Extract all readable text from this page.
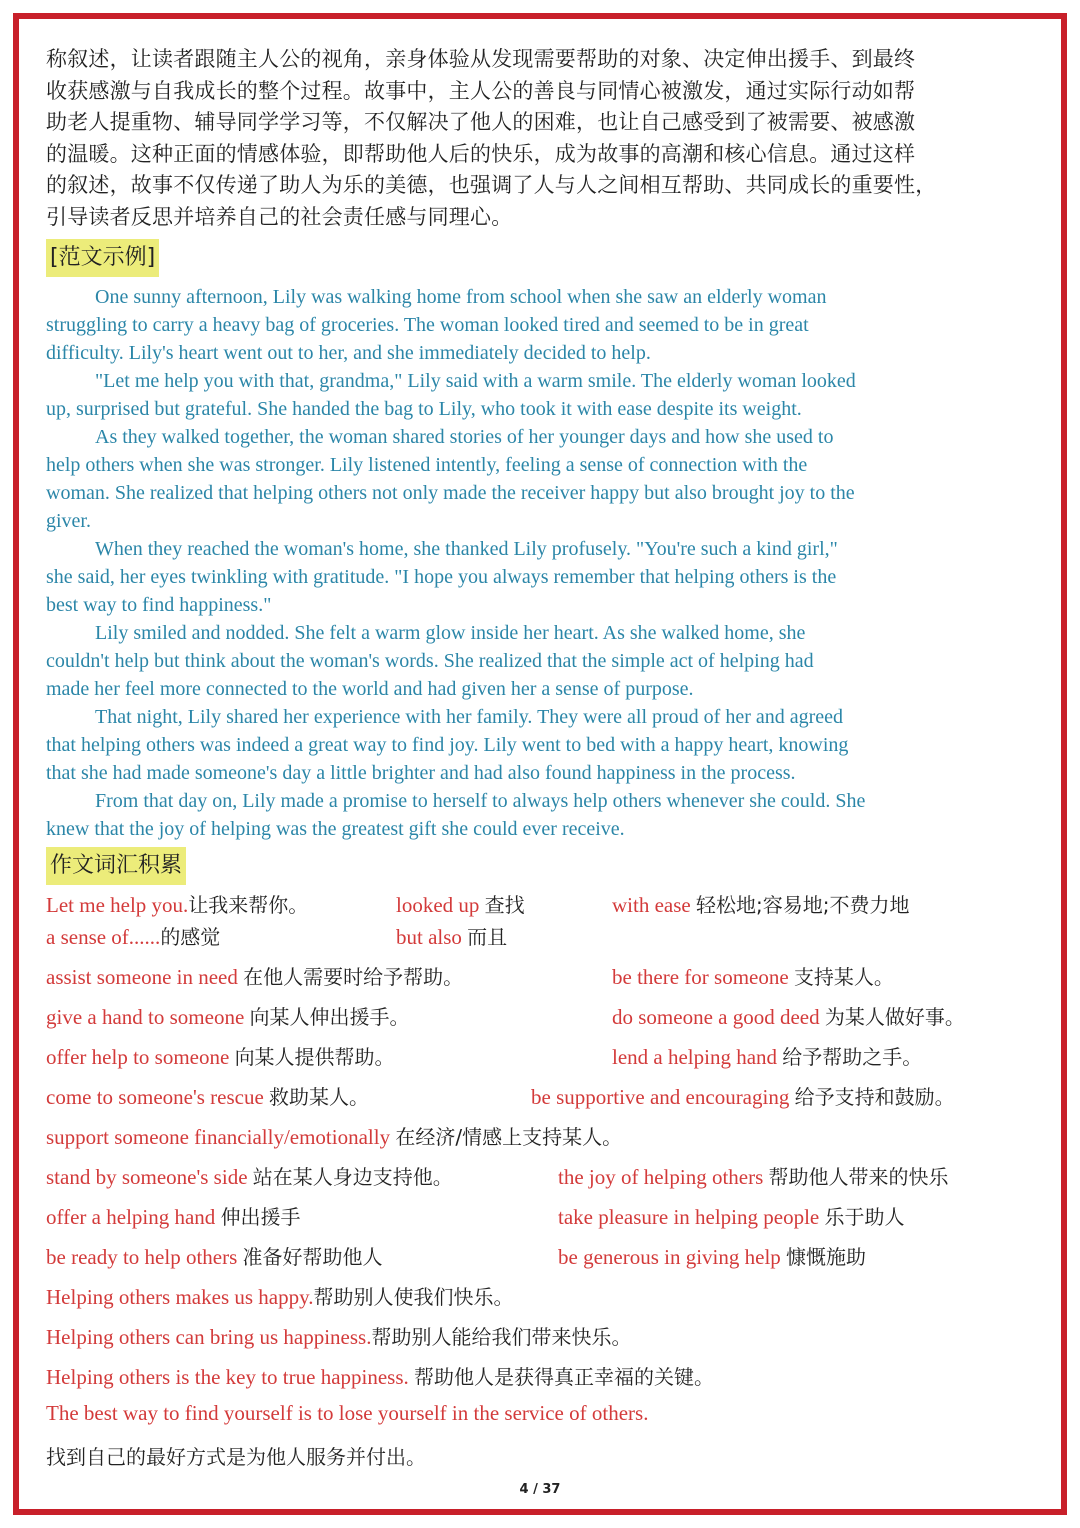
称叙述，让读者跟随主人公的视角，亲身体验从发现需要帮助的对象、决定伸出援手、到最终

收获感激与自我成长的整个过程。故事中，主人公的善良与同情心被激发，通过实际行动如帮

助老人提重物、辅导同学学习等，不仅解决了他人的困难，也让自己感受到了被需要、被感激

的温暖。这种正面的情感体验，即帮助他人后的快乐，成为故事的高潮和核心信息。通过这样

的叙述，故事不仅传递了助人为乐的美德，也强调了人与人之间相互帮助、共同成长的重要性，

引导读者反思并培养自己的社会责任感与同理心。

[范文示例]

One sunny afternoon, Lily was walking home from school when she saw an elderly woman
struggling to carry a heavy bag of groceries. The woman looked tired and seemed to be in great
difficulty. Lily's heart went out to her, and she immediately decided to help.

"Let me help you with that, grandma," Lily said with a warm smile. The elderly woman looked
up, surprised but grateful. She handed the bag to Lily, who took it with ease despite its weight.

As they walked together, the woman shared stories of her younger days and how she used to
help others when she was stronger. Lily listened intently, feeling a sense of connection with the
woman. She realized that helping others not only made the receiver happy but also brought joy to the
giver.

When they reached the woman's home, she thanked Lily profusely. "You're such a kind girl,"
she said, her eyes twinkling with gratitude. "I hope you always remember that helping others is the
best way to find happiness."

Lily smiled and nodded. She felt a warm glow inside her heart. As she walked home, she
couldn't help but think about the woman's words. She realized that the simple act of helping had
made her feel more connected to the world and had given her a sense of purpose.

That night, Lily shared her experience with her family. They were all proud of her and agreed
that helping others was indeed a great way to find joy. Lily went to bed with a happy heart, knowing
that she had made someone's day a little brighter and had also found happiness in the process.

From that day on, Lily made a promise to herself to always help others whenever she could. She
knew that the joy of helping was the greatest gift she could ever receive.

作文词汇积累
Let me help you.让我来帮你。	looked up 查找	with ease 轻松地;容易地;不费力地
a sense of......的感觉	but also 而且
assist someone in need 在他人需要时给予帮助。	be there for someone 支持某人。
give a hand to someone 向某人伸出援手。	do someone a good deed 为某人做好事。
offer help to someone 向某人提供帮助。	lend a helping hand 给予帮助之手。
come to someone's rescue 救助某人。	be supportive and encouraging 给予支持和鼓励。
support someone financially/emotionally 在经济/情感上支持某人。
stand by someone's side 站在某人身边支持他。	the joy of helping others 帮助他人带来的快乐
offer a helping hand 伸出援手	take pleasure in helping people 乐于助人
be ready to help others 准备好帮助他人	be generous in giving help 慷慨施助
Helping others makes us happy.帮助别人使我们快乐。
Helping others can bring us happiness.帮助别人能给我们带来快乐。
Helping others is the key to true happiness. 帮助他人是获得真正幸福的关键。
The best way to find yourself is to lose yourself in the service of others.
找到自己的最好方式是为他人服务并付出。
4 / 37
